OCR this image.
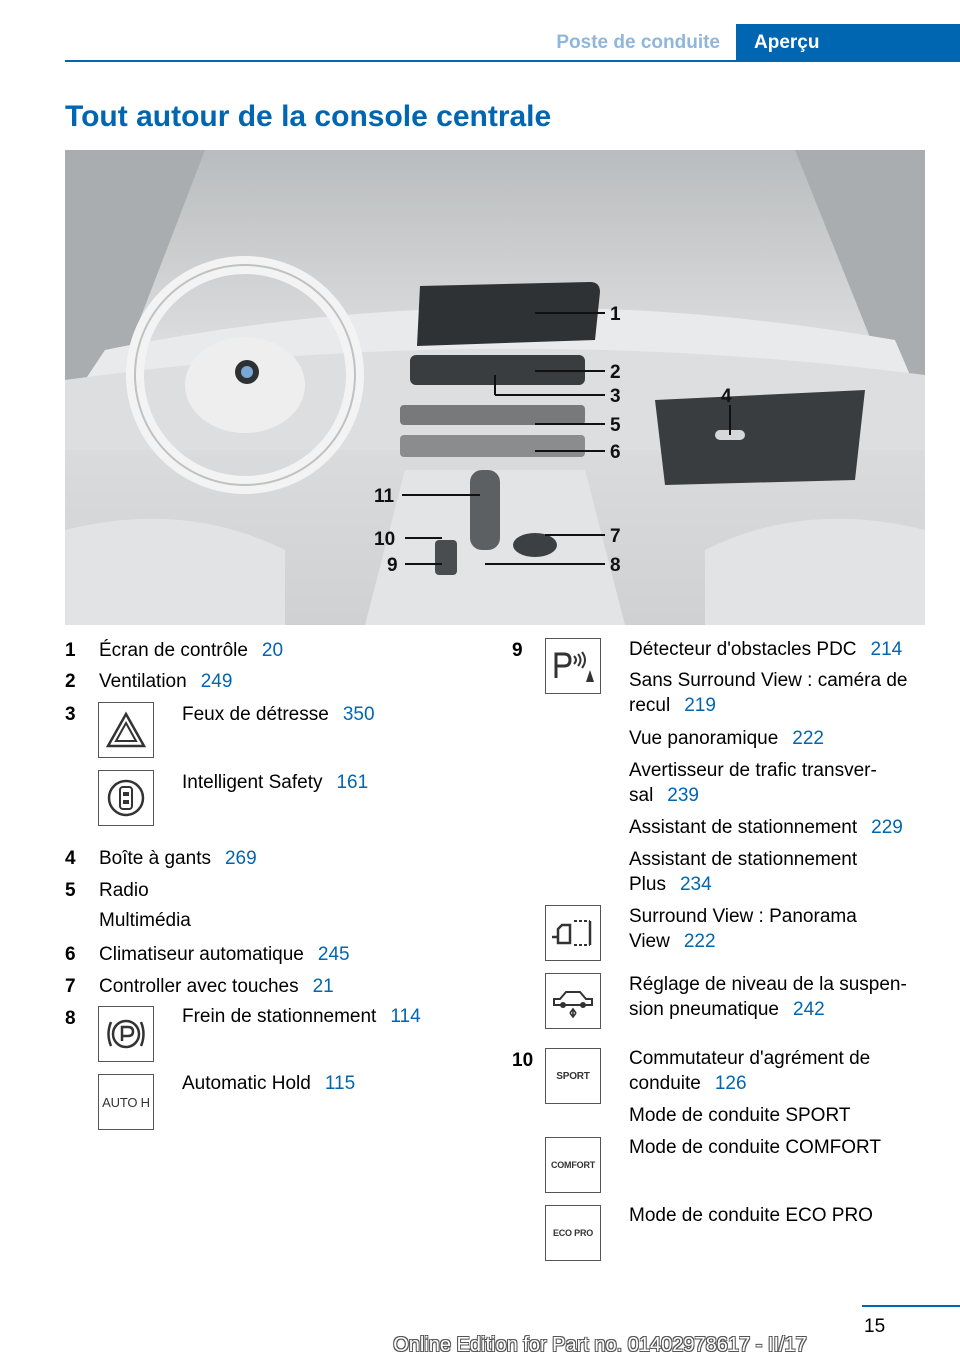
Poste de conduite	Aperçu
Tout autour de la console centrale
1
2
3	4
5
6
7
8
9
10
11
1	Écran de contrôle 20
2	Ventilation 249
3	Feux de détresse 350
Intelligent Safety 161
4	Boîte à gants 269
5	Radio
Multimédia
6	Climatiseur automatique 245
7	Controller avec touches 21
8	Frein de stationnement 114
AUTO H
Automatic Hold 115
9	Détecteur d'obstacles PDC 214
Sans Surround View : caméra de
recul 219
Vue panoramique 222
Avertisseur de trafic transver-
sal 239
Assistant de stationnement 229
Assistant de stationnement
Plus 234
Surround View : Panorama
View 222
Réglage de niveau de la suspen-
sion pneumatique 242
10
SPORT
Commutateur d'agrément de
conduite 126
Mode de conduite SPORT
COMFORT
Mode de conduite COMFORT
ECO PRO
Mode de conduite ECO PRO
15
Online Edition for Part no. 01402978617 - II/17
